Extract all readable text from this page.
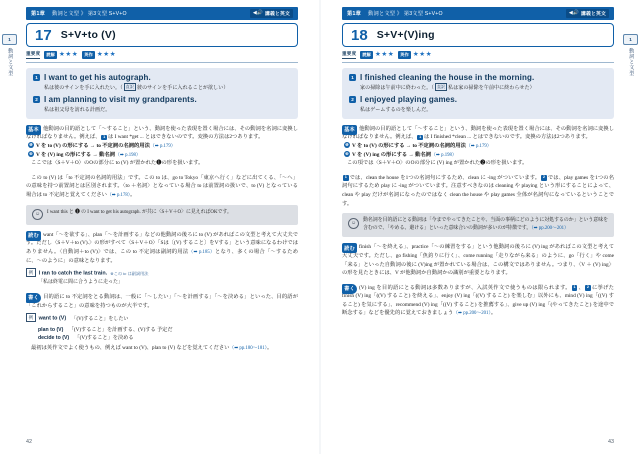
第1章 動詞と文型 》 第3文型 S+V+O	◀🔊 講義と英文
17 S+V+to (V)
重要度	読解 ★★★	英作 ★★★
1 I want to get his autograph.
私は彼のサインを手に入れたい。（ 直訳 彼のサインを手に入れることが欲しい）
2 I am planning to visit my grandparents.
私は祖父母を訪れる計画だ。
基本 他動詞の目的語として「〜すること」という、動詞を使った表現を置く場合には、その動詞を名詞に変換しなければなりません。例えば、 1 は I want *get ... とはできないのです。変換の方法は2つあります。

❶ V を to (V) の形にする → to 不定詞の名詞的用法（➡ p.179）

❷ V を (V) ing の形にする → 動名詞（➡ p.198）

ここでは〈S＋V＋O〉のOの部分に to (V) が置かれた❶の形を扱います。

この to (V) は「to 不定詞の名詞的用法」です。この to は、go to Tokyo「東京へ行く」などに出てくる、「〜へ」の意味を持つ前置詞とは区別されます。〈to ＋名詞〉となっている場合 to は前置詞の扱いで、to (V) となっている場合は to 不定詞と覚えてください（➡ p.178）。

☺	I want this と ❶ の I want to get his autograph. が共に〈S＋V＋O〉に見えればOKです。
読む want「〜を欲する」、plan「〜を計画する」などの他動詞の後ろに to (V) があればこの文型と考えて大丈夫です。ただし〈S＋V＋to (V).〉の形がすべて〈S＋V＋O〉「Sは〔(V) すること〕をVする」という意味になるわけではありません。〈自動詞＋to (V)〉では、この to 不定詞は副詞的用法（➡ p.185）となり、多くの場合「〜するために、〜のように」の意味となります。

例 I ran to catch the last train. ※この to は副詞用法
「私は終電に間に合うように走った」
書く 目的語に to 不定詞をとる動詞は、一般に「〜したい」「〜を計画する」「〜を決める」といった、目的語が「これからすること」の意味を持つものが大半です。

例 want to (V) 「(V)すること」をしたい
plan to (V) 「(V)すること」を計画する、(V)する 予定だ
decide to (V) 「(V)すること」を決める

最初は英作文でよく使うもの、例えば want to (V)、plan to (V) などを覚えてください（➡ pp.180〜181）。

1
動詞と文型
42
第1章 動詞と文型 》 第3文型 S+V+O	◀🔊 講義と英文
18 S+V+(V)ing
重要度	読解 ★★★	英作 ★★★
1 I finished cleaning the house in the morning.
家の掃除は午前中に終わった。（ 直訳 私は家の掃除を午前中に終わらせた）
2 I enjoyed playing games.
私はゲームするのを楽しんだ。
基本 他動詞の目的語として「〜すること」という、動詞を使った表現を置く場合には、その動詞を名詞に変換しなければなりません。例えば、 1 は I finished *clean ... とはできないのです。変換の方法は2つあります。

❶ V を to (V) の形にする → to 不定詞の名詞的用法（➡ p.179）

❷ V を (V) ing の形にする → 動名詞（➡ p.198）

この項では〈S＋V＋O〉のOの部分に (V) ing が置かれた❷の形を扱います。

1 では、clean the house を1つの名詞句にするため、clean に -ing がついています。 2 では、play games を1つの名詞句にするため play に -ing がついています。注意すべきなのは cleaning や playing という形にすることによって、clean や play だけが名詞になったのではなく clean the house や play games 全体が名詞句になっているということです。

☺	動名詞を目的語にとる動詞は「今までやってきたことや、当面の事柄にどのように対処するのか」という意味を含むので、「やめる、避ける」といった意味合いの動詞が多いのが特徴です。（➡ pp.200〜201）
読む finish「〜を終える」、practice「〜の練習をする」という他動詞の後ろに (V) ing があればこの文型と考えて大丈夫です。ただし、go fishing「魚釣りに行く」、come running「走りながら来る」のように、go「行く」や come「来る」といった自動詞の後に (V)ing が置かれている場合は、この構文ではありません。つまり、〈V ＋ (V) ing〉の形を見たときには、V が他動詞か自動詞かの識別が重要となります。

書く (V) ing を目的語にとる動詞は多数ありますが、入試英作文で使うものは限られます。 1 、 2 に挙げた finish (V) ing「((V) すること) を終える」、enjoy (V) ing「((V) すること) を楽しむ」以外にも、mind (V) ing「((V) すること) を気にする」、recommend (V) ing「((V) すること) を推薦する」、give up (V) ing「(やってきたこと) を途中で断念する」などを優先的に覚えておきましょう（➡ pp.200〜201）。

1
動詞と文型
43
